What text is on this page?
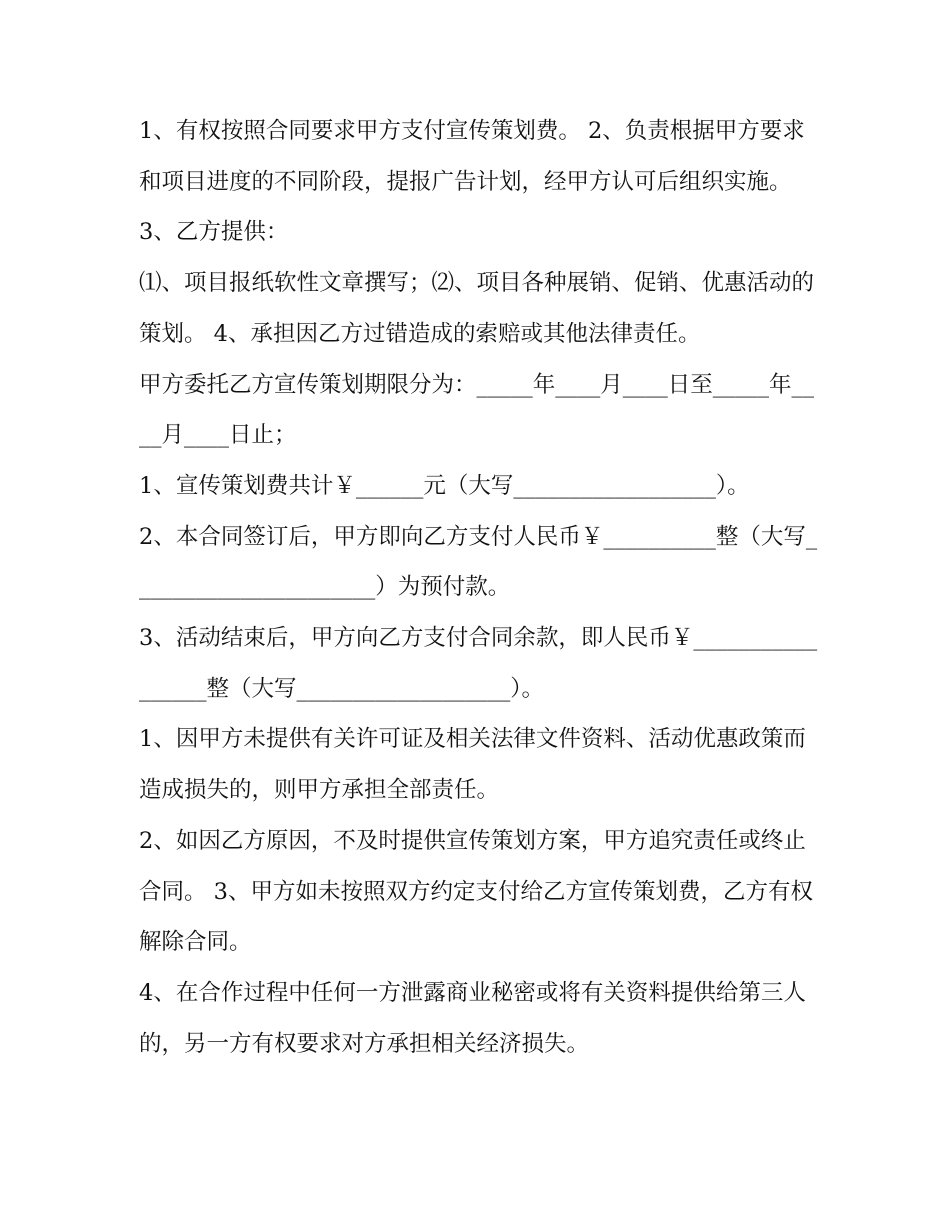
1、有权按照合同要求甲方支付宣传策划费。 2、负责根据甲方要求和项目进度的不同阶段，提报广告计划，经甲方认可后组织实施。 3、乙方提供：

⑴、项目报纸软性文章撰写；⑵、项目各种展销、促销、优惠活动的策划。 4、承担因乙方过错造成的索赔或其他法律责任。

甲方委托乙方宣传策划期限分为：_____年____月____日至_____年____月____日止；

1、宣传策划费共计￥______元（大写__________________）。

2、本合同签订后，甲方即向乙方支付人民币￥__________整（大写______________________）为预付款。

3、活动结束后，甲方向乙方支付合同余款，即人民币￥_________________整（大写___________________）。

1、因甲方未提供有关许可证及相关法律文件资料、活动优惠政策而造成损失的，则甲方承担全部责任。

2、如因乙方原因，不及时提供宣传策划方案，甲方追究责任或终止合同。 3、甲方如未按照双方约定支付给乙方宣传策划费，乙方有权解除合同。

4、在合作过程中任何一方泄露商业秘密或将有关资料提供给第三人的，另一方有权要求对方承担相关经济损失。
